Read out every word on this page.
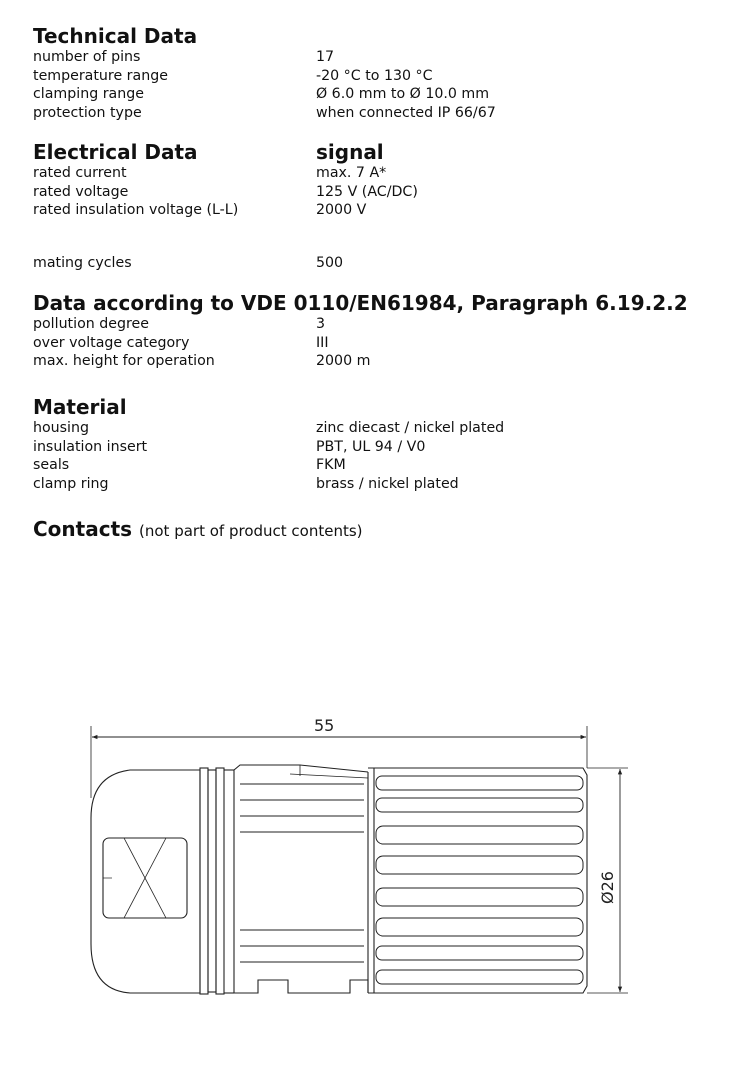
Technical Data
number of pins	17
temperature range	-20 °C to 130 °C
clamping range	Ø 6.0 mm to Ø 10.0 mm
protection type	when connected IP 66/67
Electrical Data	signal
rated current	max. 7 A*
rated voltage	125 V (AC/DC)
rated insulation voltage (L-L)	2000 V
mating cycles	500
Data according to VDE 0110/EN61984, Paragraph 6.19.2.2
pollution degree	3
over voltage category	III
max. height for operation	2000 m
Material
housing	zinc diecast / nickel plated
insulation insert	PBT, UL 94 / V0
seals	FKM
clamp ring	brass / nickel plated
Contacts (not part of product contents)
55
Ø26
